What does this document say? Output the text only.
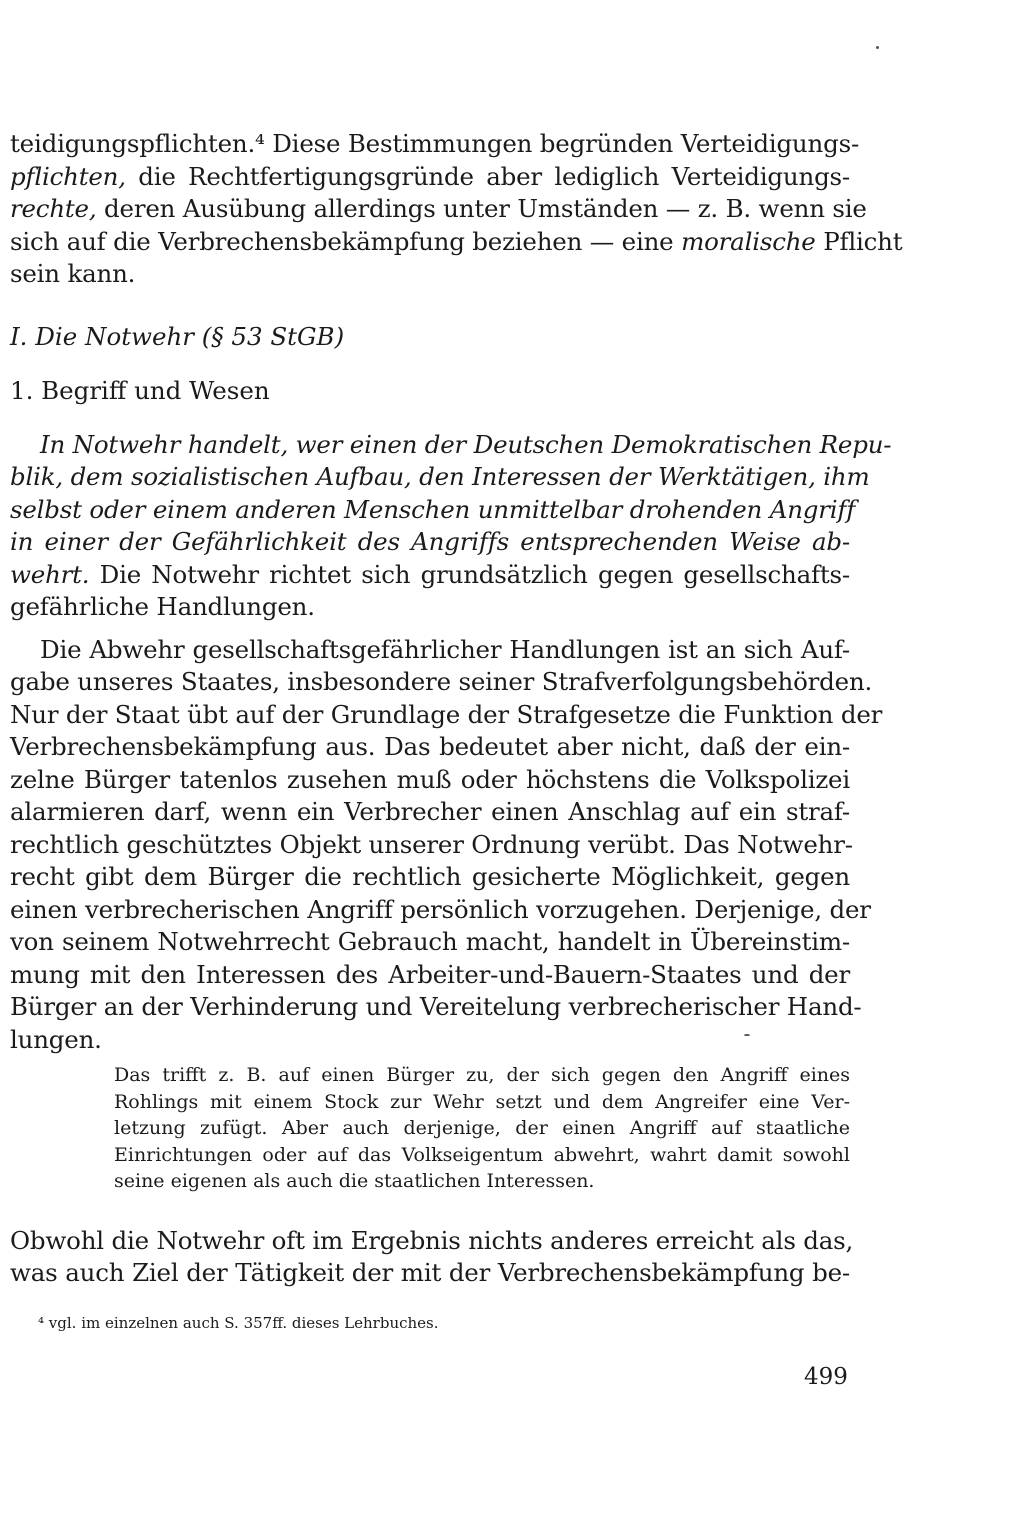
teidigungspflichten.⁴ Diese Bestimmungen begründen Verteidigungs-
pflichten, die Rechtfertigungsgründe aber lediglich Verteidigungs-
rechte, deren Ausübung allerdings unter Umständen — z. B. wenn sie
sich auf die Verbrechensbekämpfung beziehen — eine moralische Pflicht
sein kann.
I. Die Notwehr (§ 53 StGB)
1. Begriff und Wesen
In Notwehr handelt, wer einen der Deutschen Demokratischen Repu-
blik, dem sozialistischen Aufbau, den Interessen der Werktätigen, ihm
selbst oder einem anderen Menschen unmittelbar drohenden Angriff
in einer der Gefährlichkeit des Angriffs entsprechenden Weise ab-
wehrt. Die Notwehr richtet sich grundsätzlich gegen gesellschafts-
gefährliche Handlungen.
Die Abwehr gesellschaftsgefährlicher Handlungen ist an sich Auf-
gabe unseres Staates, insbesondere seiner Strafverfolgungsbehörden.
Nur der Staat übt auf der Grundlage der Strafgesetze die Funktion der
Verbrechensbekämpfung aus. Das bedeutet aber nicht, daß der ein-
zelne Bürger tatenlos zusehen muß oder höchstens die Volkspolizei
alarmieren darf, wenn ein Verbrecher einen Anschlag auf ein straf-
rechtlich geschütztes Objekt unserer Ordnung verübt. Das Notwehr-
recht gibt dem Bürger die rechtlich gesicherte Möglichkeit, gegen
einen verbrecherischen Angriff persönlich vorzugehen. Derjenige, der
von seinem Notwehrrecht Gebrauch macht, handelt in Übereinstim-
mung mit den Interessen des Arbeiter-und-Bauern-Staates und der
Bürger an der Verhinderung und Vereitelung verbrecherischer Hand-
lungen.
Das trifft z. B. auf einen Bürger zu, der sich gegen den Angriff eines
Rohlings mit einem Stock zur Wehr setzt und dem Angreifer eine Ver-
letzung zufügt. Aber auch derjenige, der einen Angriff auf staatliche
Einrichtungen oder auf das Volkseigentum abwehrt, wahrt damit sowohl
seine eigenen als auch die staatlichen Interessen.
Obwohl die Notwehr oft im Ergebnis nichts anderes erreicht als das,
was auch Ziel der Tätigkeit der mit der Verbrechensbekämpfung be-
⁴ vgl. im einzelnen auch S. 357ff. dieses Lehrbuches.
499
